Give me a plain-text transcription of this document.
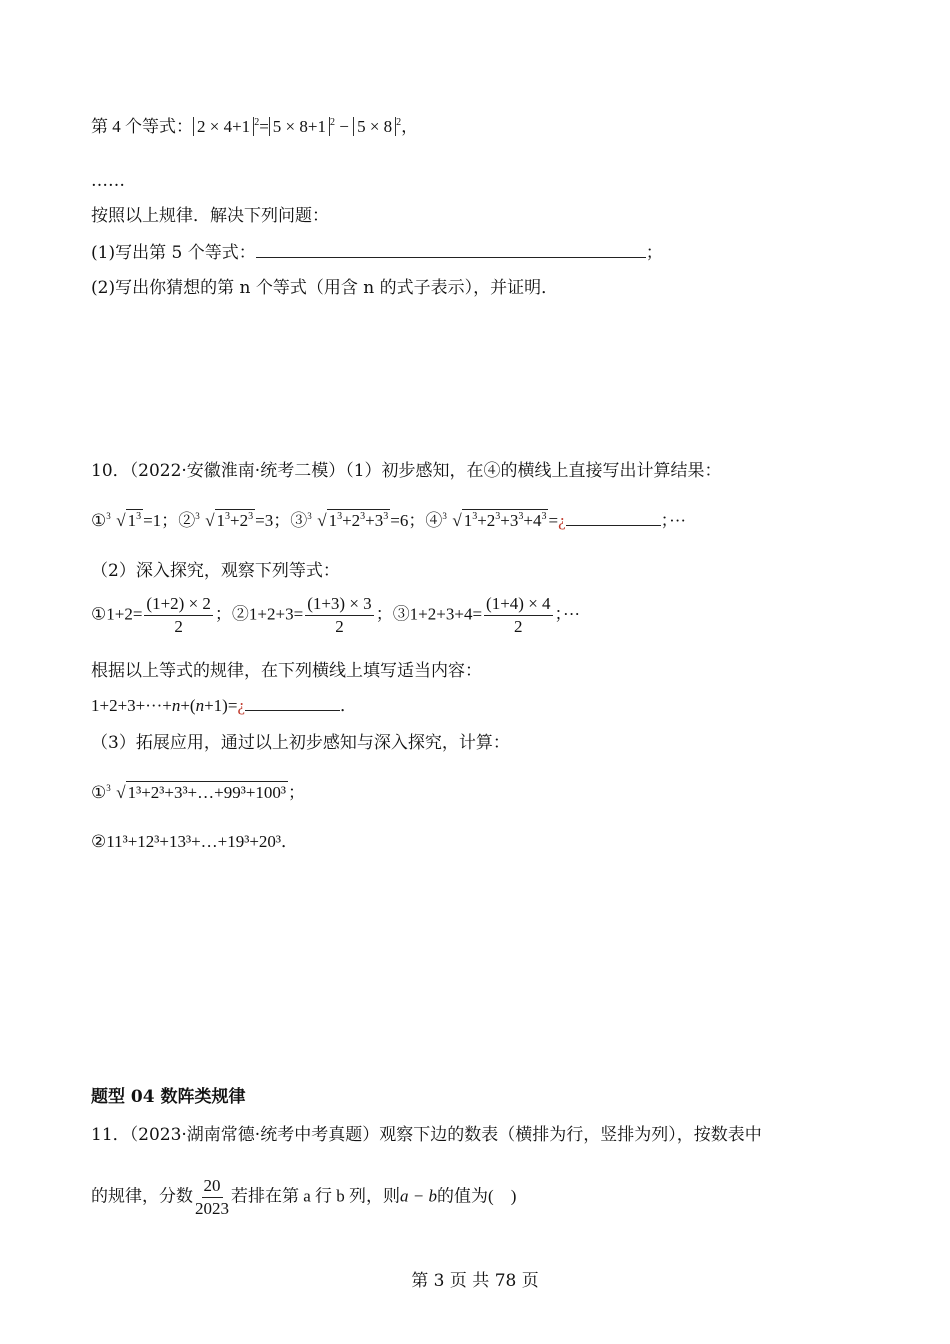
第 4 个等式： 2 × 4+1 $^2$= 5 × 8+1 $^2$ − 5 × 8 $^2$，
……
按照以上规律．解决下列问题：
(1)写出第 5 个等式：	；
(2)写出你猜想的第 n 个等式（用含 n 的式子表示），并证明．
10．（2022·安徽淮南·统考二模）（1）初步感知，在④的横线上直接写出计算结果：
① 3 √ $1^3 =1$；② 3 √ $1^3+2^3 =3$；③ 3 √ $1^3+2^3+3^3 =6$；④ 3 √ $1^3+2^3+3^3+4^3$ =¿	；···
（2）深入探究，观察下列等式：
①1+2= $\frac{(1+2) \times 2}{2}$ ；②1+2+3= $\frac{(1+3) \times 3}{2}$ ；③1+2+3+4= $\frac{(1+4) \times 4}{2}$ ；···
根据以上等式的规律，在下列横线上填写适当内容：
1+2+3+···+n+(n+1)=¿	．
（3）拓展应用，通过以上初步感知与深入探究，计算：
① 3 √ 1³+2³+3³+…+99³+100³ ；
②11³+12³+13³+…+19³+20³．
题型 04 数阵类规律
11．（2023·湖南常德·统考中考真题）观察下边的数表（横排为行，竖排为列），按数表中
的规律，分数 $\frac{20}{2023}$ 若排在第 a 行 b 列，则a − b的值为(　)
第 3 页 共 78 页
